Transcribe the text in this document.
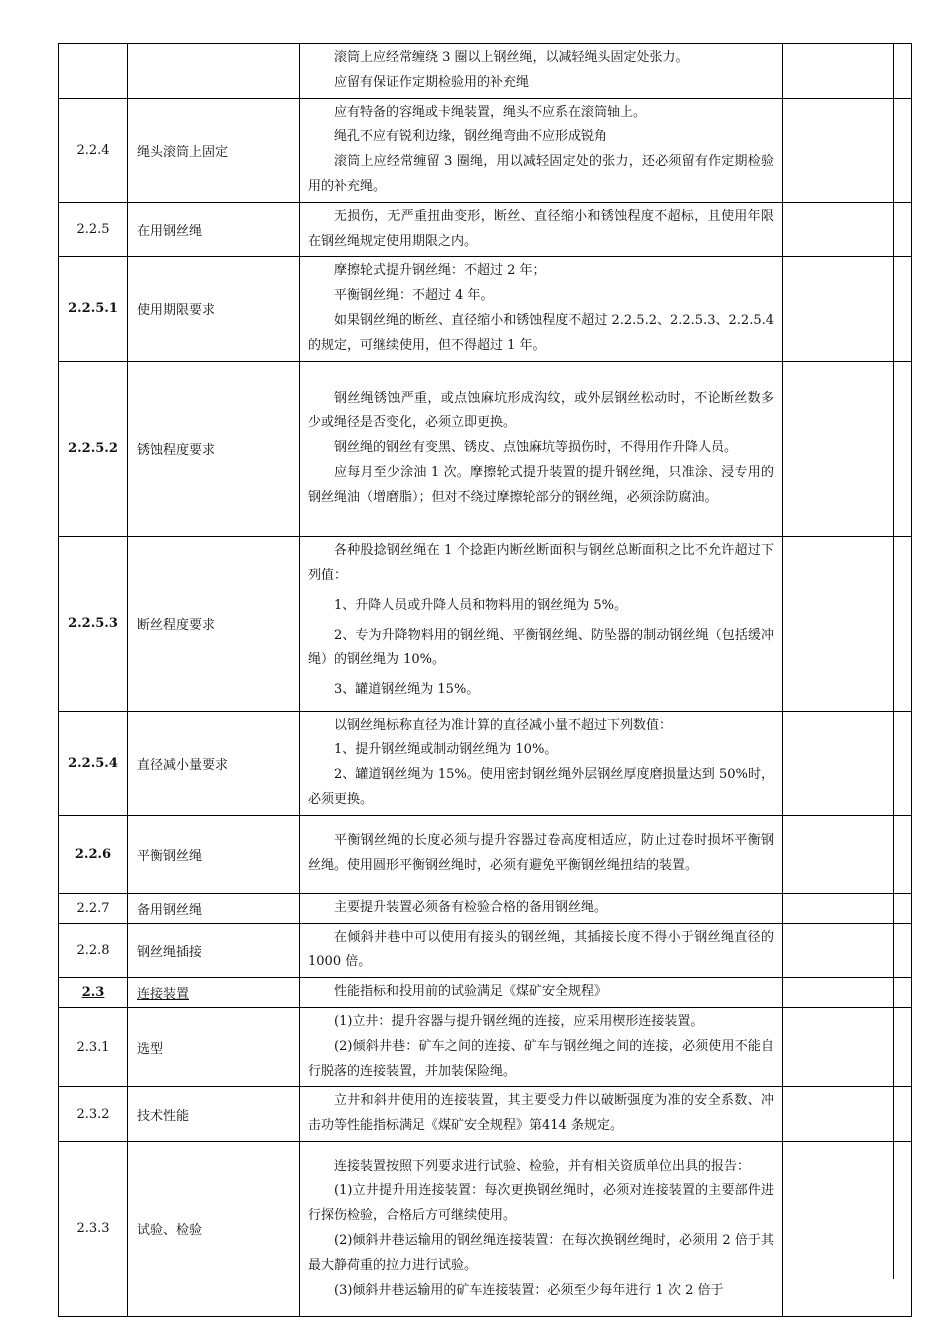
		滚筒上应经常缠绕 3 圈以上钢丝绳，以减轻绳头固定处张力。

应留有保证作定期检验用的补充绳	

2.2.4	绳头滚筒上固定	应有特备的容绳或卡绳装置，绳头不应系在滚筒轴上。

绳孔不应有锐利边缘，钢丝绳弯曲不应形成锐角

滚筒上应经常缠留 3 圈绳，用以减轻固定处的张力，还必须留有作定期检验用的补充绳。	

2.2.5	在用钢丝绳	无损伤，无严重扭曲变形，断丝、直径缩小和锈蚀程度不超标，且使用年限在钢丝绳规定使用期限之内。	

2.2.5.1	使用期限要求	摩擦轮式提升钢丝绳：不超过 2 年；

平衡钢丝绳：不超过 4 年。

如果钢丝绳的断丝、直径缩小和锈蚀程度不超过 2.2.5.2、2.2.5.3、2.2.5.4 的规定，可继续使用，但不得超过 1 年。	

2.2.5.2	锈蚀程度要求	钢丝绳锈蚀严重，或点蚀麻坑形成沟纹，或外层钢丝松动时，不论断丝数多少或绳径是否变化，必须立即更换。

钢丝绳的钢丝有变黑、锈皮、点蚀麻坑等损伤时，不得用作升降人员。

应每月至少涂油 1 次。摩擦轮式提升装置的提升钢丝绳，只准涂、浸专用的钢丝绳油（增磨脂）；但对不绕过摩擦轮部分的钢丝绳，必须涂防腐油。	

2.2.5.3	断丝程度要求	各种股捻钢丝绳在 1 个捻距内断丝断面积与钢丝总断面积之比不允许超过下列值：

1、升降人员或升降人员和物料用的钢丝绳为 5%。

2、专为升降物料用的钢丝绳、平衡钢丝绳、防坠器的制动钢丝绳（包括缓冲绳）的钢丝绳为 10%。

3、罐道钢丝绳为 15%。	

2.2.5.4	直径减小量要求	以钢丝绳标称直径为准计算的直径减小量不超过下列数值：

1、提升钢丝绳或制动钢丝绳为 10%。

2、罐道钢丝绳为 15%。使用密封钢丝绳外层钢丝厚度磨损量达到 50%时，必须更换。	

2.2.6	平衡钢丝绳	平衡钢丝绳的长度必须与提升容器过卷高度相适应，防止过卷时损坏平衡钢丝绳。使用圆形平衡钢丝绳时，必须有避免平衡钢丝绳扭结的装置。	

2.2.7	备用钢丝绳	主要提升装置必须备有检验合格的备用钢丝绳。	

2.2.8	钢丝绳插接	在倾斜井巷中可以使用有接头的钢丝绳，其插接长度不得小于钢丝绳直径的 1000 倍。	

2.3	连接装置	性能指标和投用前的试验满足《煤矿安全规程》	

2.3.1	选型	(1)立井：提升容器与提升钢丝绳的连接，应采用楔形连接装置。

(2)倾斜井巷：矿车之间的连接、矿车与钢丝绳之间的连接，必须使用不能自行脱落的连接装置，并加装保险绳。	

2.3.2	技术性能	立井和斜井使用的连接装置，其主要受力件以破断强度为准的安全系数、冲击功等性能指标满足《煤矿安全规程》第414 条规定。	

2.3.3	试验、检验	连接装置按照下列要求进行试验、检验，并有相关资质单位出具的报告：

(1)立井提升用连接装置：每次更换钢丝绳时，必须对连接装置的主要部件进行探伤检验，合格后方可继续使用。

(2)倾斜井巷运输用的钢丝绳连接装置：在每次换钢丝绳时，必须用 2 倍于其最大静荷重的拉力进行试验。

(3)倾斜井巷运输用的矿车连接装置：必须至少每年进行 1 次 2 倍于	
